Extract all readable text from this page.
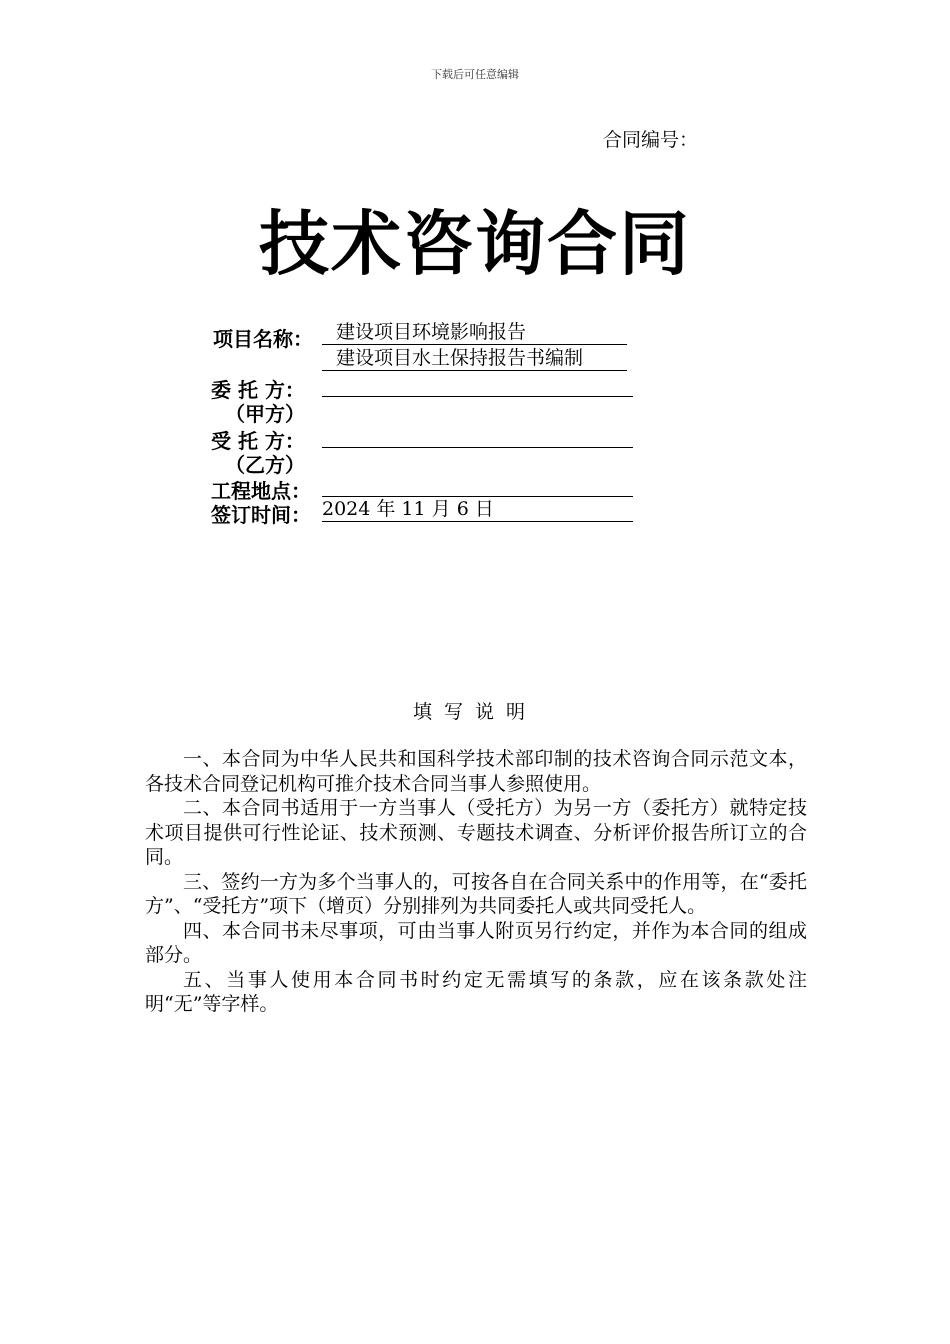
下载后可任意编辑
合同编号：
技术咨询合同
项目名称：	建设项目环境影响报告
建设项目水土保持报告书编制
委 托 方：
（甲方）
受 托 方：
（乙方）
工程地点：
签订时间： 2024 年 11 月 6 日
填写说明

一、本合同为中华人民共和国科学技术部印制的技术咨询合同示范文本，各技术合同登记机构可推介技术合同当事人参照使用。

二、本合同书适用于一方当事人（受托方）为另一方（委托方）就特定技术项目提供可行性论证、技术预测、专题技术调查、分析评价报告所订立的合同。

三、签约一方为多个当事人的，可按各自在合同关系中的作用等，在“委托方”、“受托方”项下（增页）分别排列为共同委托人或共同受托人。

四、本合同书未尽事项，可由当事人附页另行约定，并作为本合同的组成部分。

五、当事人使用本合同书时约定无需填写的条款，应在该条款处注明“无”等字样。
